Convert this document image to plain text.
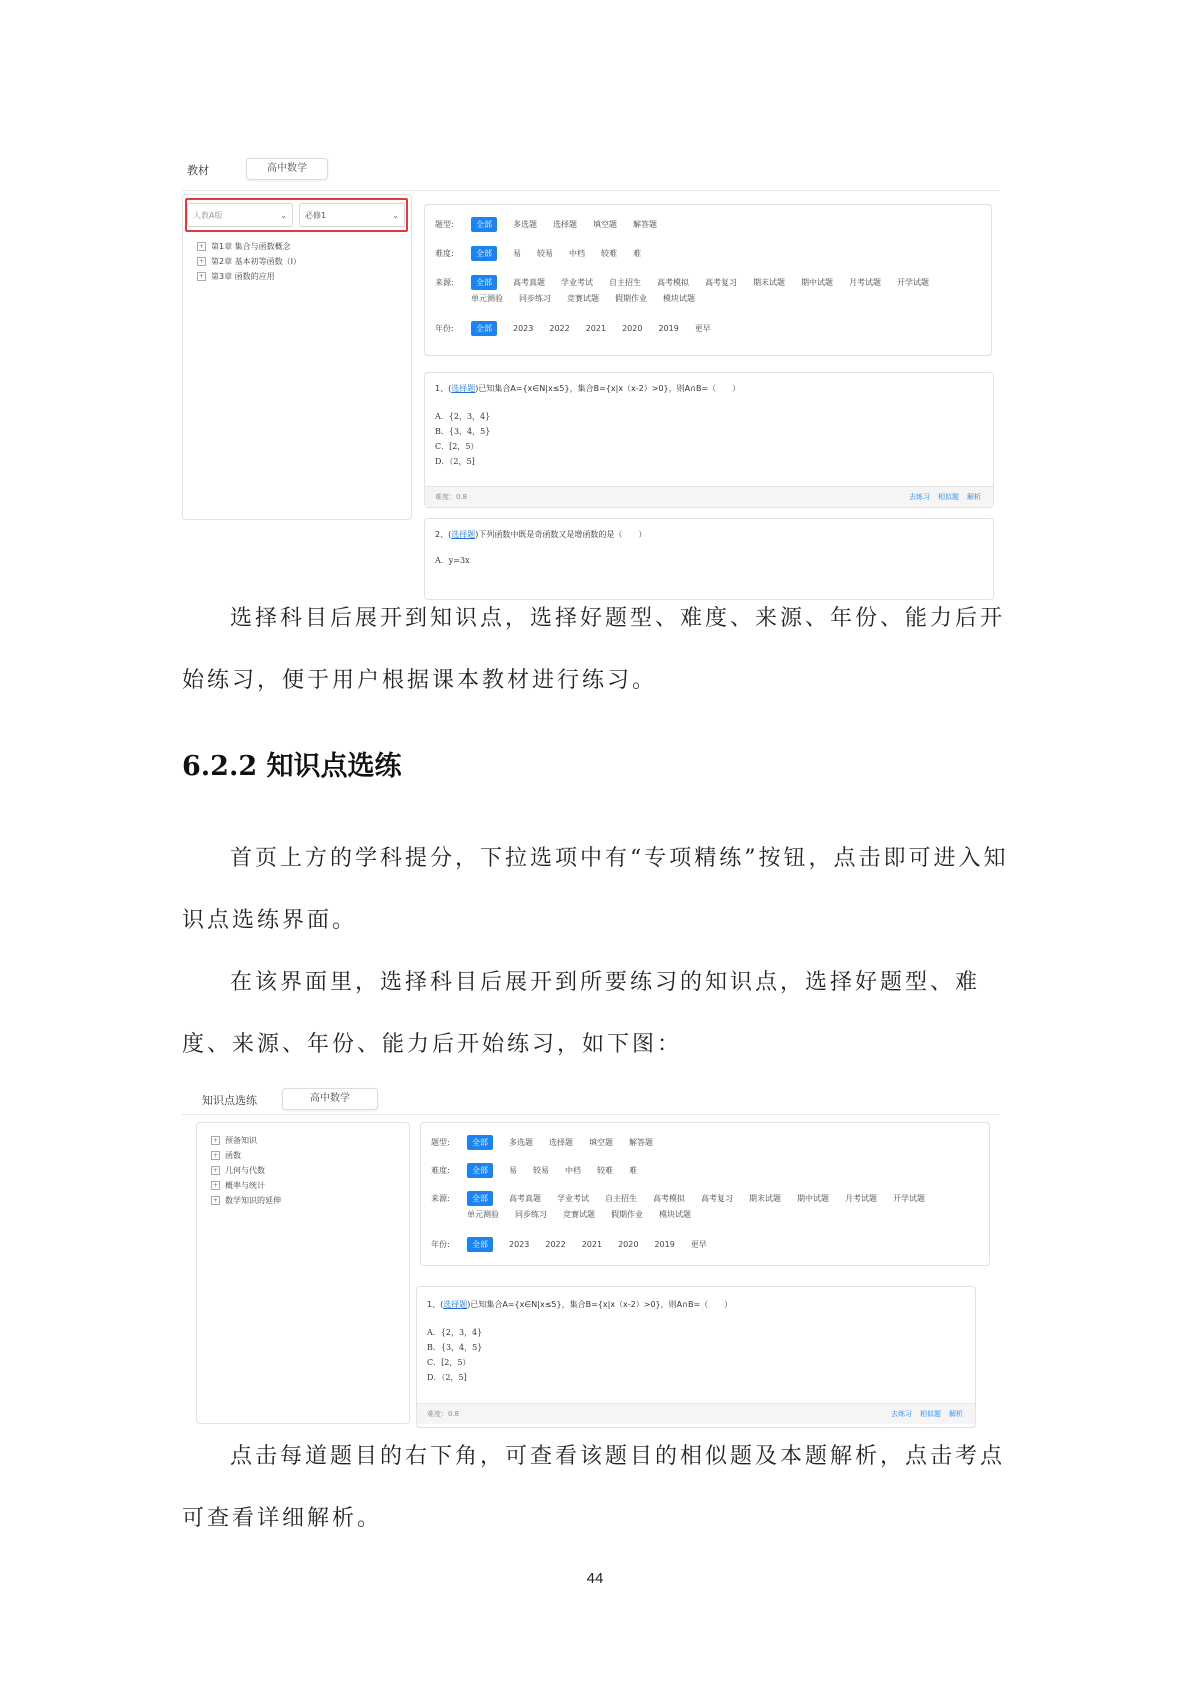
教材	高中数学
人教A版	⌄	必修1	⌄
+ 第1章 集合与函数概念
+ 第2章 基本初等函数（Ⅰ）
+ 第3章 函数的应用
题型:	全部	多选题 选择题 填空题 解答题
难度:	全部	易 较易 中档 较难 难
来源:	全部	高考真题 学业考试 自主招生 高考模拟 高考复习 期末试题 期中试题 月考试题 开学试题
单元测验 同步练习 竞赛试题 假期作业 模块试题
年份:	全部	2023 2022 2021 2020 2019 更早
1、(选择题)已知集合A={x∈N|x≤5}，集合B={x|x（x-2）>0}，则A∩B=（　　）
A．{2，3，4}
B．{3，4，5}
C．[2，5）
D．（2，5]
难度：0.8	去练习 相似题 解析
2、(选择题)下列函数中既是奇函数又是增函数的是（　　）
A．y=3x

选择科目后展开到知识点，选择好题型、难度、来源、年份、能力后开始练习，便于用户根据课本教材进行练习。

6.2.2 知识点选练

首页上方的学科提分，下拉选项中有“专项精练”按钮，点击即可进入知识点选练界面。

在该界面里，选择科目后展开到所要练习的知识点，选择好题型、难度、来源、年份、能力后开始练习，如下图：

知识点选练	高中数学
+ 预备知识
+ 函数
+ 几何与代数
+ 概率与统计
+ 数学知识的延伸
题型:	全部	多选题 选择题 填空题 解答题
难度:	全部	易 较易 中档 较难 难
来源:	全部	高考真题 学业考试 自主招生 高考模拟 高考复习 期末试题 期中试题 月考试题 开学试题
单元测验 同步练习 竞赛试题 假期作业 模块试题
年份:	全部	2023 2022 2021 2020 2019 更早
1、(选择题)已知集合A={x∈N|x≤5}，集合B={x|x（x-2）>0}，则A∩B=（　　）
A．{2，3，4}
B．{3，4，5}
C．[2，5）
D．（2，5]
难度：0.8	去练习 相似题 解析

点击每道题目的右下角，可查看该题目的相似题及本题解析，点击考点可查看详细解析。

44
